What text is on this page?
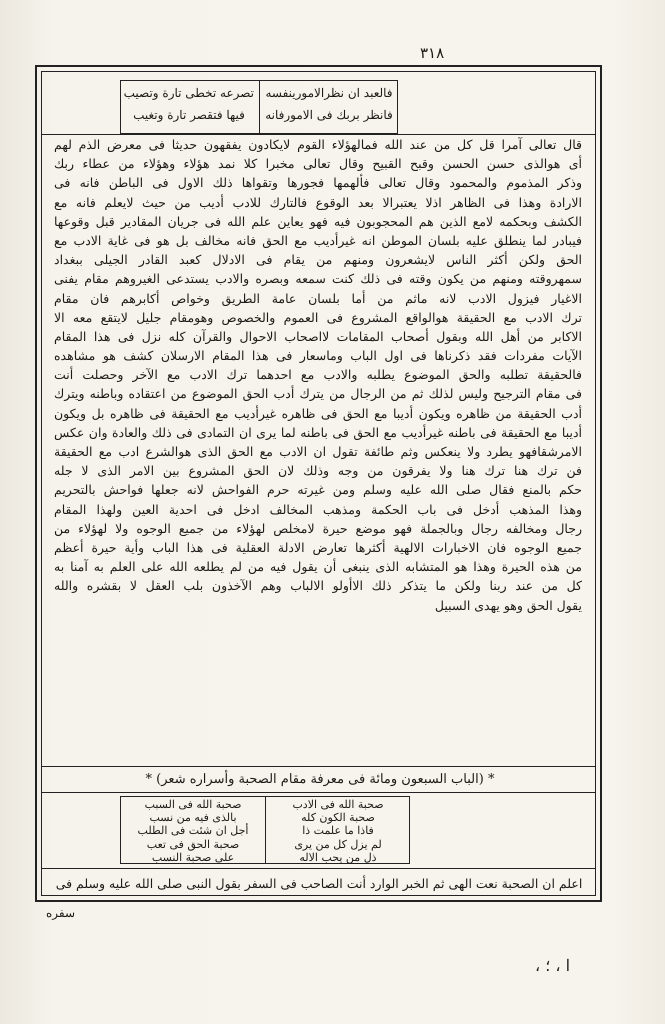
٣١٨
فالعبد ان نظرالامورينفسه
فانظر بربك فى الامورفانه
تصرعه تخطى تارة وتصيب
فيها فتقصر تارة وتغيب
قال تعالى آمرا قل كل من عند الله فمالهؤلاء القوم لايكادون يفقهون حديثا فى معرض الذم لهم
أى هوالذى حسن الحسن وقبح القبيح وقال تعالى مخبرا كلا نمد هؤلاء وهؤلاء من عطاء ربك
وذكر المذموم والمحمود وقال تعالى فألهمها فجورها وتقواها ذلك الاول فى الباطن فانه فى
الارادة وهذا فى الظاهر اذلا يعتبرالا بعد الوقوع فالتارك للادب أديب من حيث لايعلم فانه مع
الكشف وبحكمه لامع الذين هم المحجوبون فيه فهو يعاين علم الله فى جريان المقادير قبل وقوعها
فيبادر لما ينطلق عليه بلسان الموطن انه غيرأديب مع الحق فانه مخالف بل هو فى غاية الادب مع
الحق ولكن أكثر الناس لايشعرون ومنهم من يقام فى الادلال كعبد القادر الجيلى ببغداد
سمهروقته ومنهم من يكون وقته فى ذلك كنت سمعه وبصره والادب يستدعى الغيروهم مقام يفنى
الاغيار فيزول الادب لانه ماثم من أما بلسان عامة الطريق وخواص أكابرهم فان مقام
ترك الادب مع الحقيقة هوالواقع المشروع فى العموم والخصوص وهومقام جليل لايتقع معه الا
الاكابر من أهل الله وبقول أصحاب المقامات لااصحاب الاحوال والقرآن كله نزل فى هذا المقام
الآيات مفردات فقد ذكرناها فى اول الباب وماسعار فى هذا المقام الارسلان كشف هو مشاهده
فالحقيقة تطلبه والحق الموضوع يطلبه والادب مع احدهما ترك الادب مع الآخر وحصلت أنت
فى مقام الترجيح وليس لذلك ثم من الرجال من يترك أدب الحق الموضوع من اعتقاده وباطنه ويترك
أدب الحقيقة من ظاهره ويكون أديبا مع الحق فى ظاهره غيرأديب مع الحقيقة فى ظاهره بل ويكون
أديبا مع الحقيقة فى باطنه غيرأديب مع الحق فى باطنه لما يرى ان التمادى فى ذلك والعادة وان عكس
الامرشقافهو يطرد ولا ينعكس وثم طائفة تقول ان الادب مع الحق الذى هوالشرع ادب مع الحقيقة
فن ترك هنا ترك هنا ولا يفرقون من وجه وذلك لان الحق المشروع بين الامر الذى لا جله
حكم بالمنع فقال صلى الله عليه وسلم ومن غيرته حرم الفواحش لانه جعلها فواحش بالتحريم
وهذا المذهب أدخل فى باب الحكمة ومذهب المخالف ادخل فى احدية العين ولهذا المقام
رجال ومخالفه رجال وبالجملة فهو موضع حيرة لامخلص لهؤلاء من جميع الوجوه ولا لهؤلاء من
جميع الوجوه فان الاخبارات الالهية أكثرها تعارض الادلة العقلية فى هذا الباب وأية حيرة أعظم
من هذه الحيرة وهذا هو المتشابه الذى ينبغى أن يقول فيه من لم يطلعه الله على العلم به آمنا به
كل من عند ربنا ولكن ما يتذكر ذلك الاأولو الالباب وهم الآخذون بلب العقل لا بقشره والله
يقول الحق وهو يهدى السبيل
* (الباب السبعون ومائة فى معرفة مقام الصحبة وأسراره شعر) *
اعلم ان الصحبة نعت الهى ثم الخبر الوارد أنت الصاحب فى السفر بقول النبى صلى الله عليه وسلم فى
سفره
، ا ، ؛
صحبة الله فى الادب
صحبة الكون كله
فاذا ما علمت ذا
لم يزل كل من يرى
ذل من يحب الاله
صحبة الله فى السبب
بالذى فيه من نسب
أجل ان شئت فى الطلب
صحبة الحق فى تعب
على صحبة النسب
